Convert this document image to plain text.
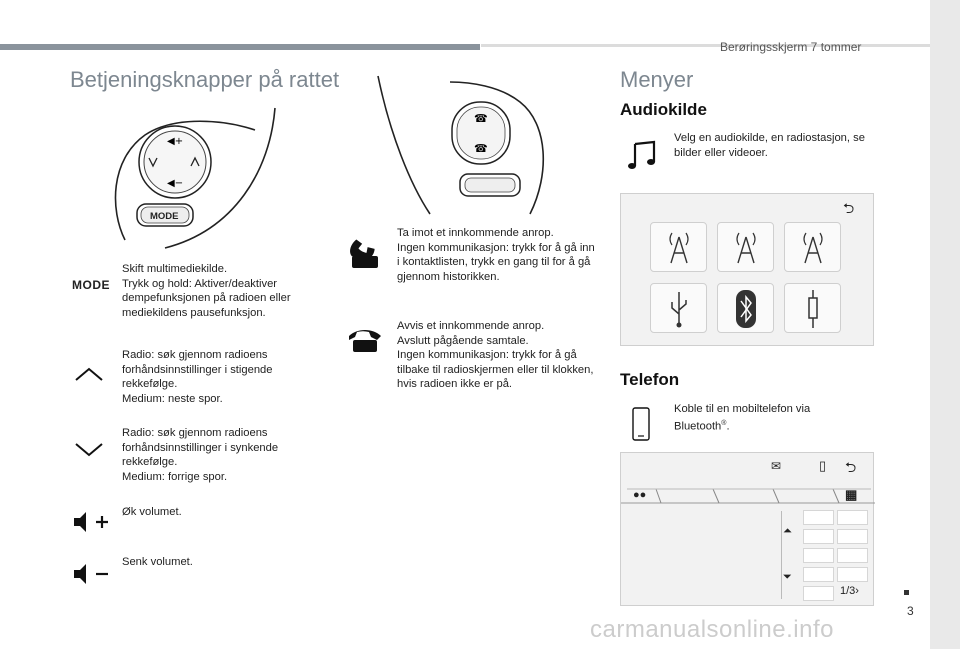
Berøringsskjerm 7 tommer
Betjeningsknapper på rattet
◀+
◀−
MODE
MODE
Skift multimediekilde.
Trykk og hold: Aktiver/deaktiver dempefunksjonen på radioen eller mediekildens pausefunksjon.
Radio: søk gjennom radioens forhåndsinnstillinger i stigende rekkefølge.
Medium: neste spor.
Radio: søk gjennom radioens forhåndsinnstillinger i synkende rekkefølge.
Medium: forrige spor.
Øk volumet.
Senk volumet.
☎
☎
Ta imot et innkommende anrop.
Ingen kommunikasjon: trykk for å gå inn i kontaktlisten, trykk en gang til for å gå gjennom historikken.
Avvis et innkommende anrop.
Avslutt pågående samtale.
Ingen kommunikasjon: trykk for å gå tilbake til radioskjermen eller til klokken, hvis radioen ikke er på.
Menyer
Audiokilde
Velg en audiokilde, en radiostasjon, se bilder eller videoer.
⮌
Telefon
Koble til en mobiltelefon via Bluetooth®.
✉	▯ ⮌
●●	▦
⏶
⏷
1/3›
3
carmanualsonline.info
